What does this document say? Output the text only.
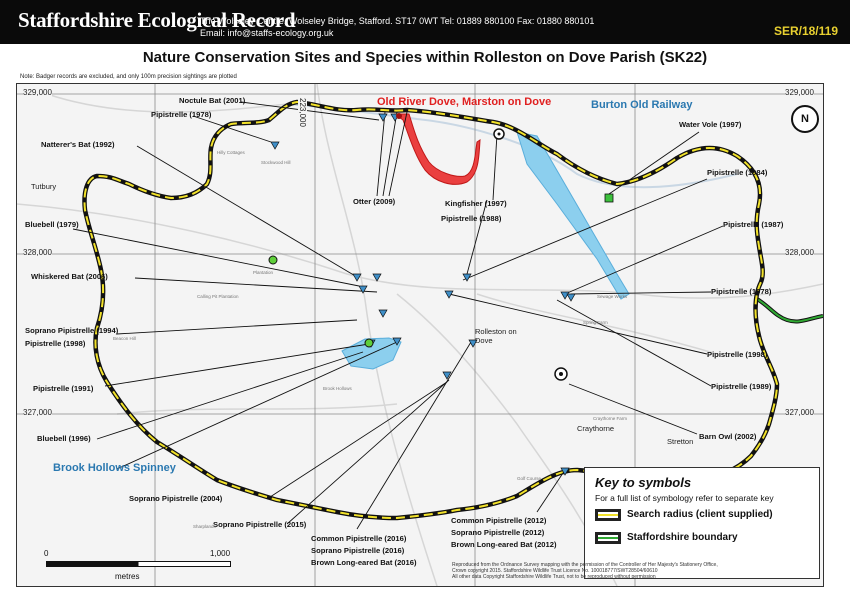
Staffordshire Ecological Record
The Wolseley Centre, Wolseley Bridge, Stafford. ST17 0WT Tel: 01889 880100 Fax: 01880 880101
Email: info@staffs-ecology.org.uk	SER/18/119
Nature Conservation Sites and Species within Rolleston on Dove Parish (SK22)
Note: Badger records are excluded, and only 100m precision sightings are plotted
329,000
328,000
327,000
329,000
328,000
327,000
223,000	Old River Dove, Marston on Dove	Burton Old Railway
Brook Hollows Spinney
Noctule Bat (2001)
Pipistrelle (1978)
Natterer's Bat (1992)
Otter (2009)	Kingfisher (1997)
Pipistrelle (1988)
Water Vole (1997)
Pipistrelle (1984)
Pipistrelle (1987)
Bluebell (1979)
Whiskered Bat (2006)
Pipistrelle (1978)
Soprano Pipistrelle (1994)
Pipistrelle (1998)
Pipistrelle (1998)
Pipistrelle (1989)
Pipistrelle (1991)
Barn Owl (2002)
Bluebell (1996)
Soprano Pipistrelle (2004)
Soprano Pipistrelle (2015)
Common Pipistrelle (2016)
Soprano Pipistrelle (2016)
Brown Long-eared Bat (2016)
Common Pipistrelle (2012)
Soprano Pipistrelle (2012)
Brown Long-eared Bat (2012)
Rolleston on Dove
Tutbury
Craythorne
Stretton
Plantation
Brook Hollows
Golf Course
Craythorne Farm
Sewage Works
Spring Farm
Beacon Hill
Calling Pit Plantation
Hilly Cottages
Stockwood Hill
Sharplands
N
Key to symbols
For a full list of symbology refer to separate key
Search radius (client supplied)
Staffordshire boundary
0	1,000
metres
Reproduced from the Ordnance Survey mapping with the permission of the Controller of Her Majesty's Stationery Office,
Crown copyright 2015. Staffordshire Wildlife Trust Licence No. 100018777/SWT28504/60610
All other data Copyright Staffordshire Wildlife Trust, not to be reproduced without permission
